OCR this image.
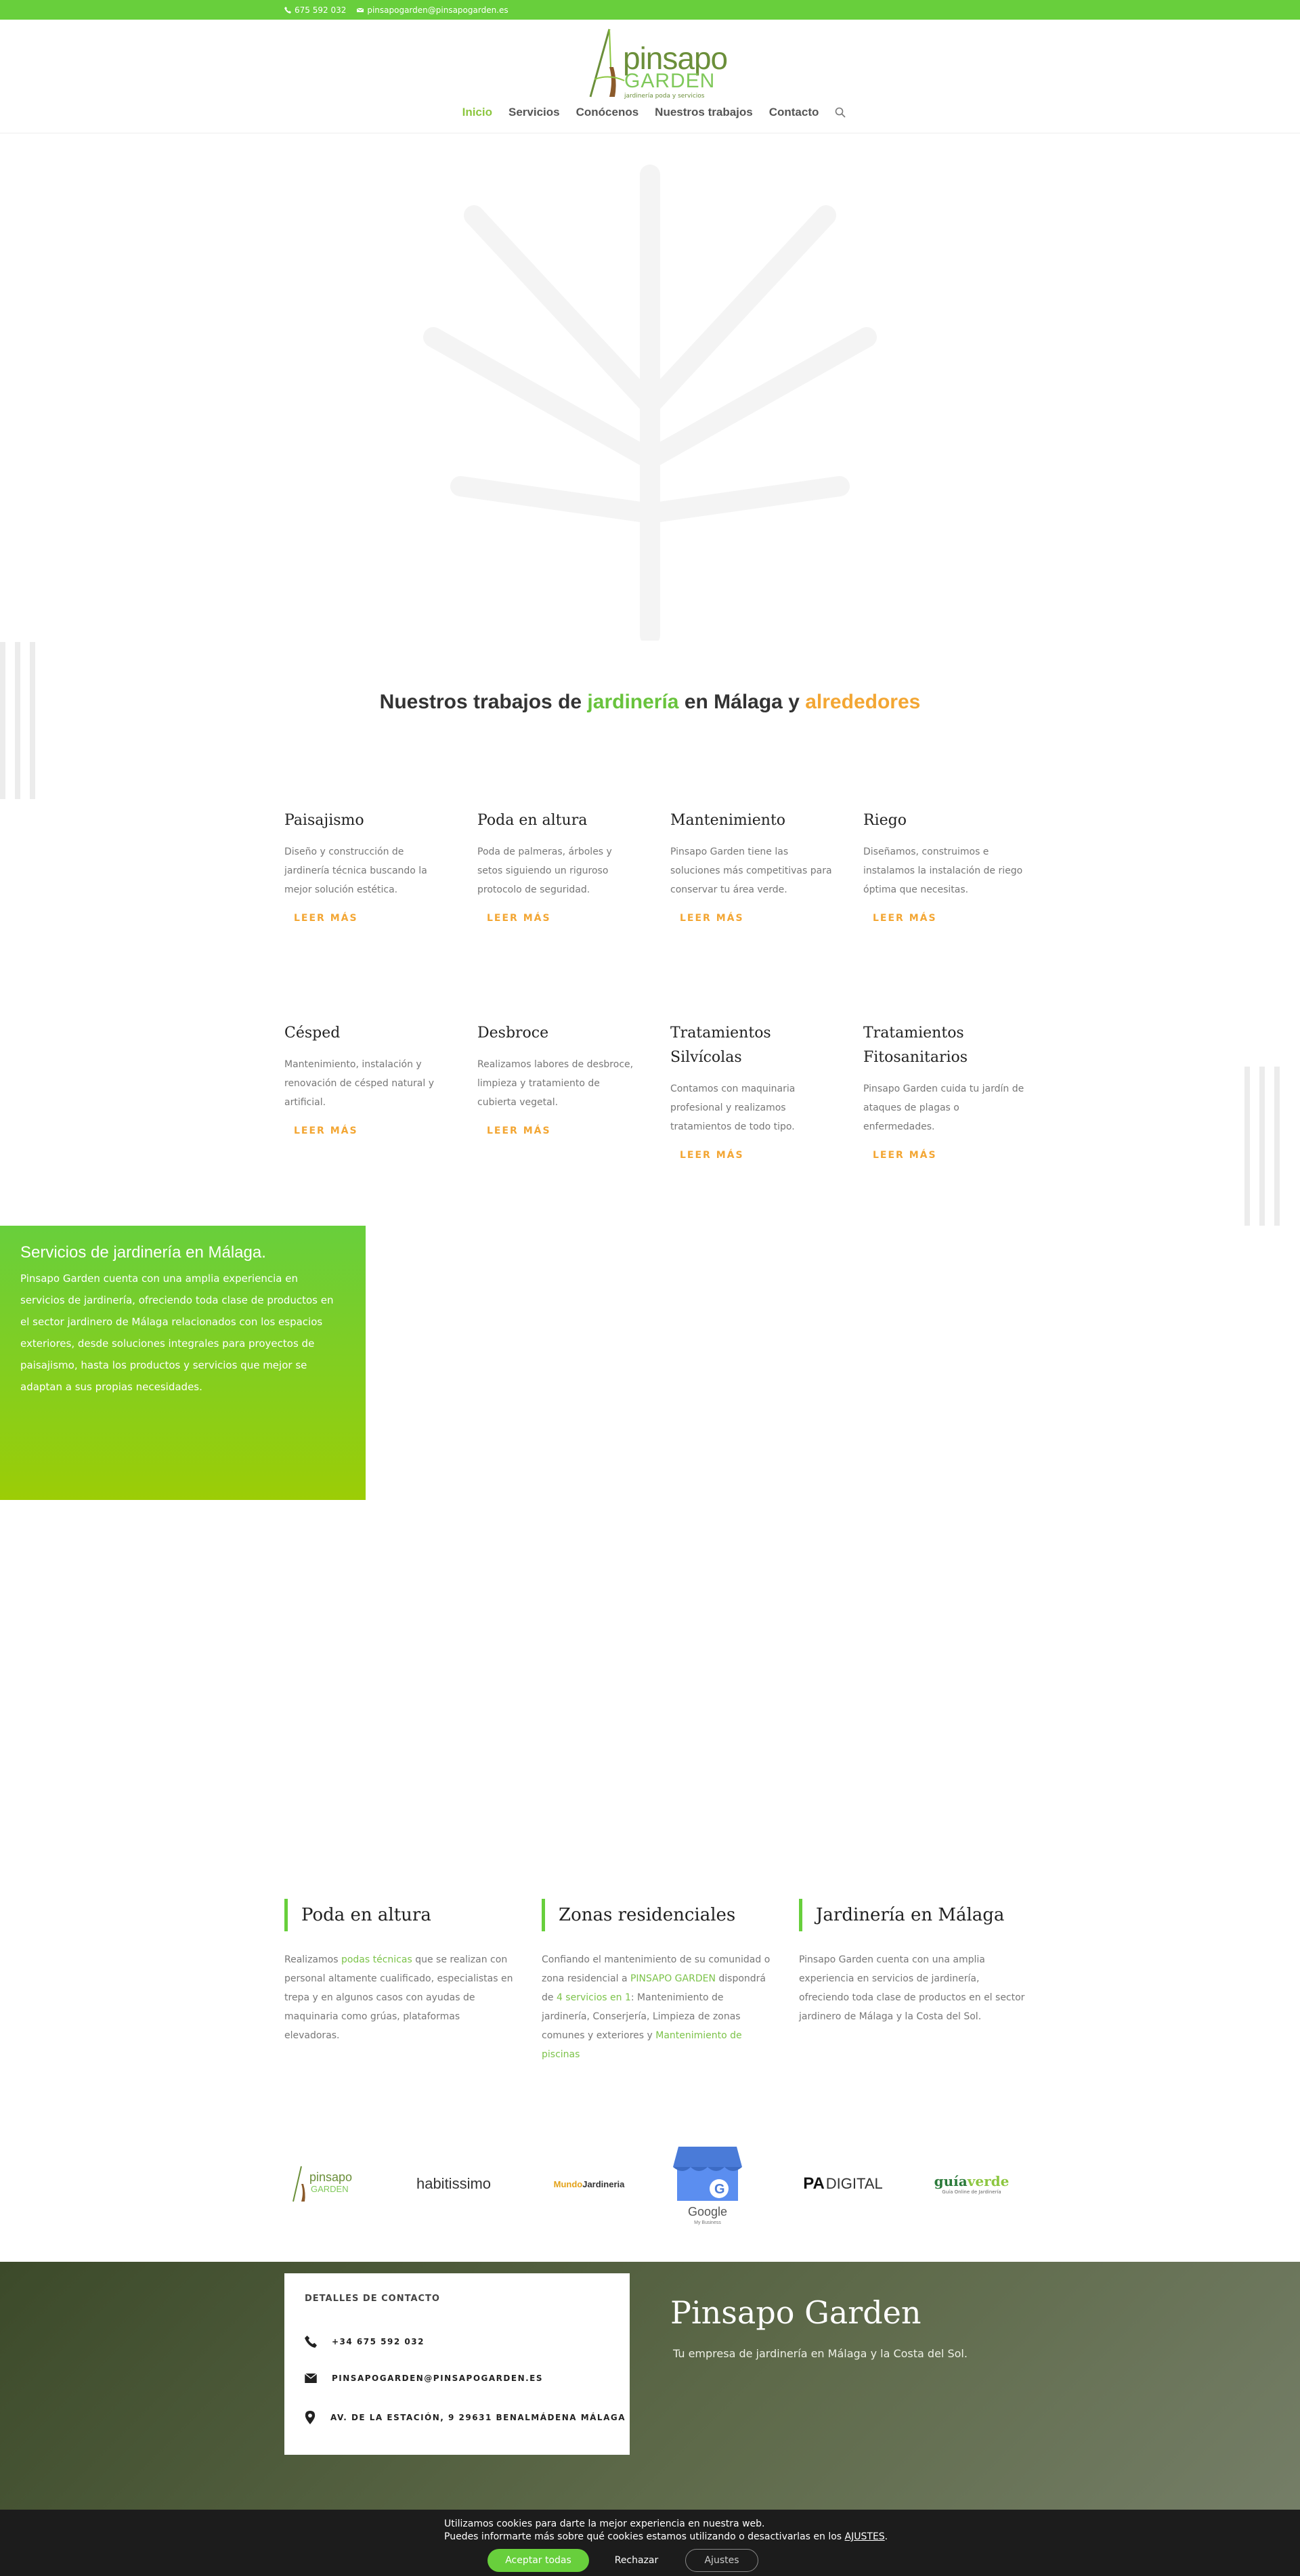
675 592 032	pinsapogarden@pinsapogarden.es
pinsapo
GARDEN
jardinería poda y servicios
Inicio Servicios Conócenos Nuestros trabajos Contacto
Nuestros trabajos de jardinería en Málaga y alrededores
Paisajismo

Diseño y construcción de jardinería técnica buscando la mejor solución estética.

LEER MÁS
Poda en altura

Poda de palmeras, árboles y setos siguiendo un riguroso protocolo de seguridad.

LEER MÁS
Mantenimiento

Pinsapo Garden tiene las soluciones más competitivas para conservar tu área verde.

LEER MÁS
Riego

Diseñamos, construimos e instalamos la instalación de riego óptima que necesitas.

LEER MÁS
Césped

Mantenimiento, instalación y renovación de césped natural y artificial.

LEER MÁS
Desbroce

Realizamos labores de desbroce, limpieza y tratamiento de cubierta vegetal.

LEER MÁS
Tratamientos Silvícolas

Contamos con maquinaria profesional y realizamos tratamientos de todo tipo.

LEER MÁS
Tratamientos Fitosanitarios

Pinsapo Garden cuida tu jardín de ataques de plagas o enfermedades.

LEER MÁS
Servicios de jardinería en Málaga.

Pinsapo Garden cuenta con una amplia experiencia en servicios de jardinería, ofreciendo toda clase de productos en el sector jardinero de Málaga relacionados con los espacios exteriores, desde soluciones integrales para proyectos de paisajismo, hasta los productos y servicios que mejor se adaptan a sus propias necesidades.

Poda en altura

Realizamos podas técnicas que se realizan con personal altamente cualificado, especialistas en trepa y en algunos casos con ayudas de maquinaria como grúas, plataformas elevadoras.

Zonas residenciales

Confiando el mantenimiento de su comunidad o zona residencial a PINSAPO GARDEN dispondrá de 4 servicios en 1: Mantenimiento de jardinería, Conserjería, Limpieza de zonas comunes y exteriores y Mantenimiento de piscinas

Jardinería en Málaga

Pinsapo Garden cuenta con una amplia experiencia en servicios de jardinería, ofreciendo toda clase de productos en el sector jardinero de Málaga y la Costa del Sol.

pinsapo
GARDEN	habitissimo	MundoJardineria	G
Google
My Business
PA DIGITAL	guíaverde
Guía Online de Jardinería
DETALLES DE CONTACTO
+34 675 592 032
PINSAPOGARDEN@PINSAPOGARDEN.ES
AV. DE LA ESTACIÓN, 9 29631 BENALMÁDENA MÁLAGA
Pinsapo Garden
Tu empresa de jardinería en Málaga y la Costa del Sol.
Utilizamos cookies para darte la mejor experiencia en nuestra web.
Puedes informarte más sobre qué cookies estamos utilizando o desactivarlas en los AJUSTES.
Aceptar todas	Rechazar	Ajustes
